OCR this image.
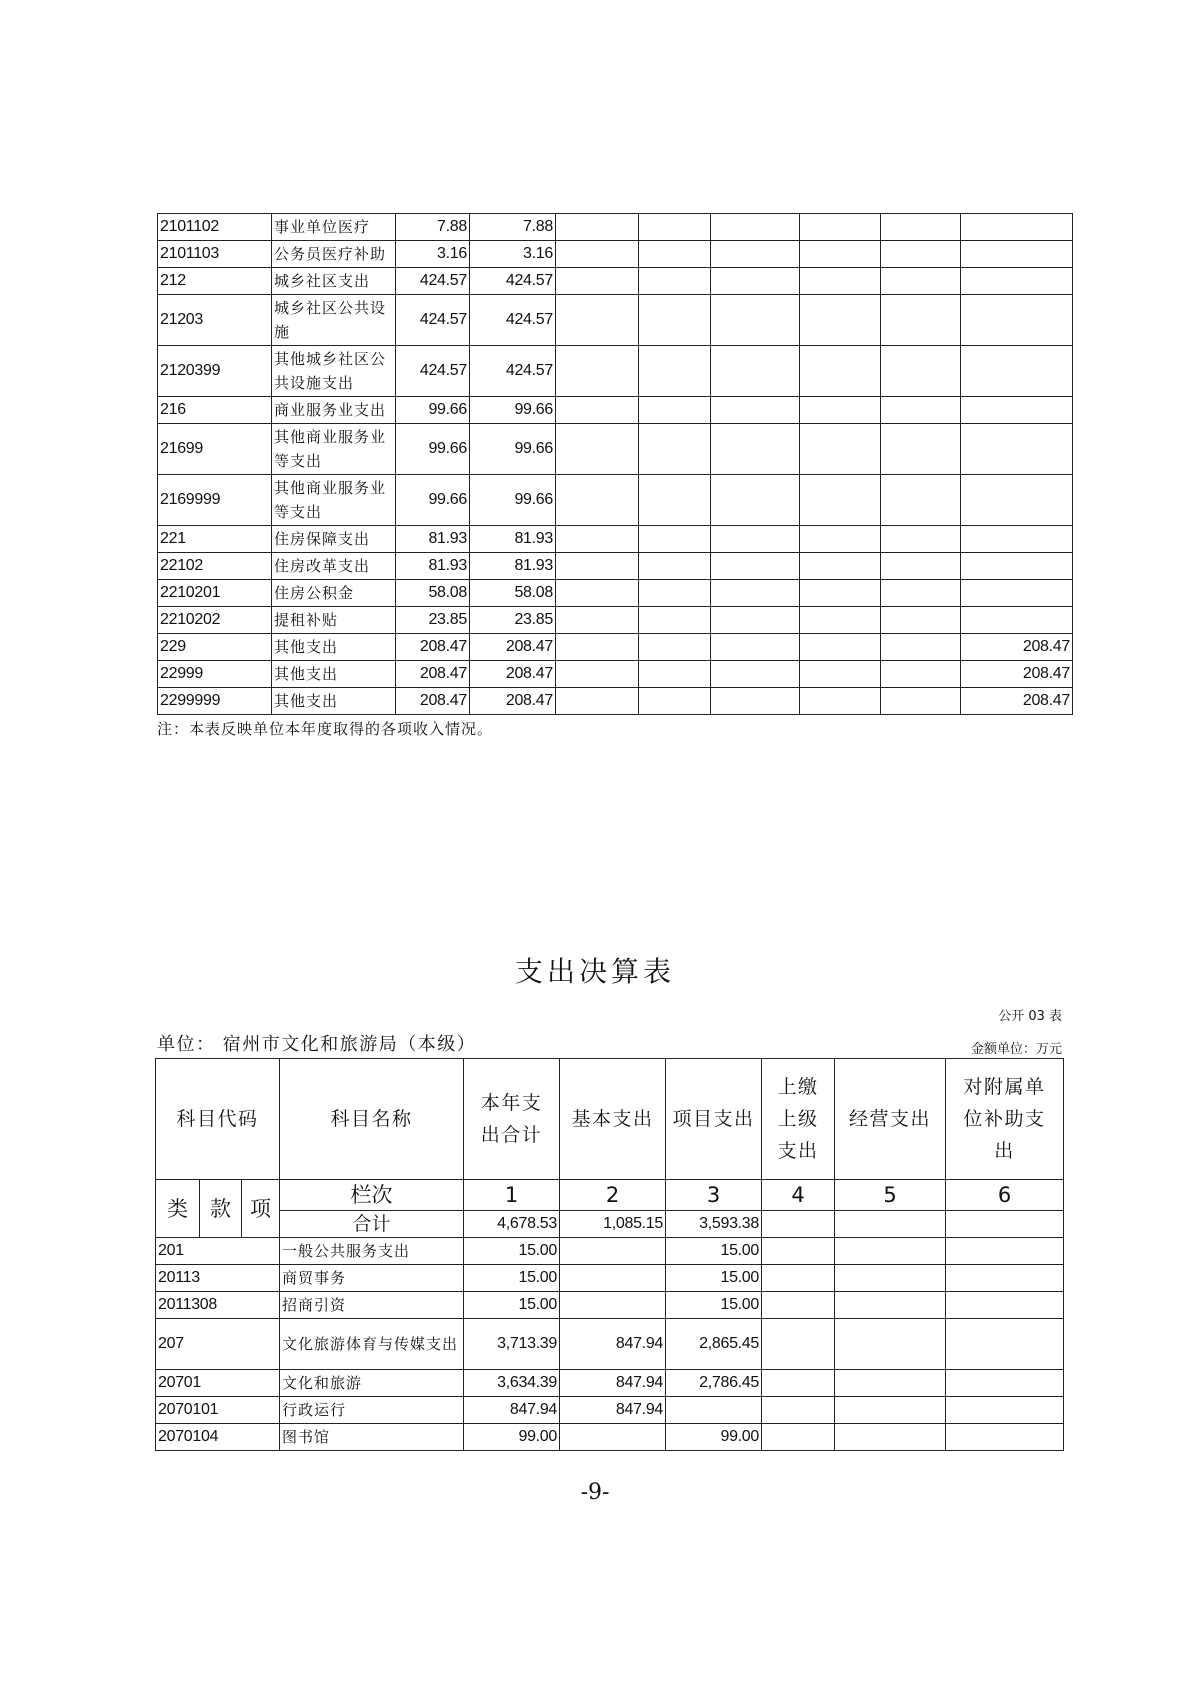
2101102	事业单位医疗	7.88	7.88						
2101103	公务员医疗补助	3.16	3.16						
212	城乡社区支出	424.57	424.57						
21203	城乡社区公共设施	424.57	424.57						
2120399	其他城乡社区公共设施支出	424.57	424.57						
216	商业服务业支出	99.66	99.66						
21699	其他商业服务业等支出	99.66	99.66						
2169999	其他商业服务业等支出	99.66	99.66						
221	住房保障支出	81.93	81.93						
22102	住房改革支出	81.93	81.93						
2210201	住房公积金	58.08	58.08						
2210202	提租补贴	23.85	23.85						
229	其他支出	208.47	208.47						208.47
22999	其他支出	208.47	208.47						208.47
2299999	其他支出	208.47	208.47						208.47
注：本表反映单位本年度取得的各项收入情况。
支出决算表
公开 03 表
单位： 宿州市文化和旅游局（本级）	金额单位：万元
科目代码			科目名称	本年支出合计	基本支出	项目支出	上缴上级支出	经营支出	对附属单位补助支出
类	款	项	栏次	1	2	3	4	5	6
			合计	4,678.53	1,085.15	3,593.38			
201			一般公共服务支出	15.00		15.00			
20113			商贸事务	15.00		15.00			
2011308			招商引资	15.00		15.00			
207			文化旅游体育与传媒支出	3,713.39	847.94	2,865.45			
20701			文化和旅游	3,634.39	847.94	2,786.45			
2070101			行政运行	847.94	847.94				
2070104			图书馆	99.00		99.00			
-9-
